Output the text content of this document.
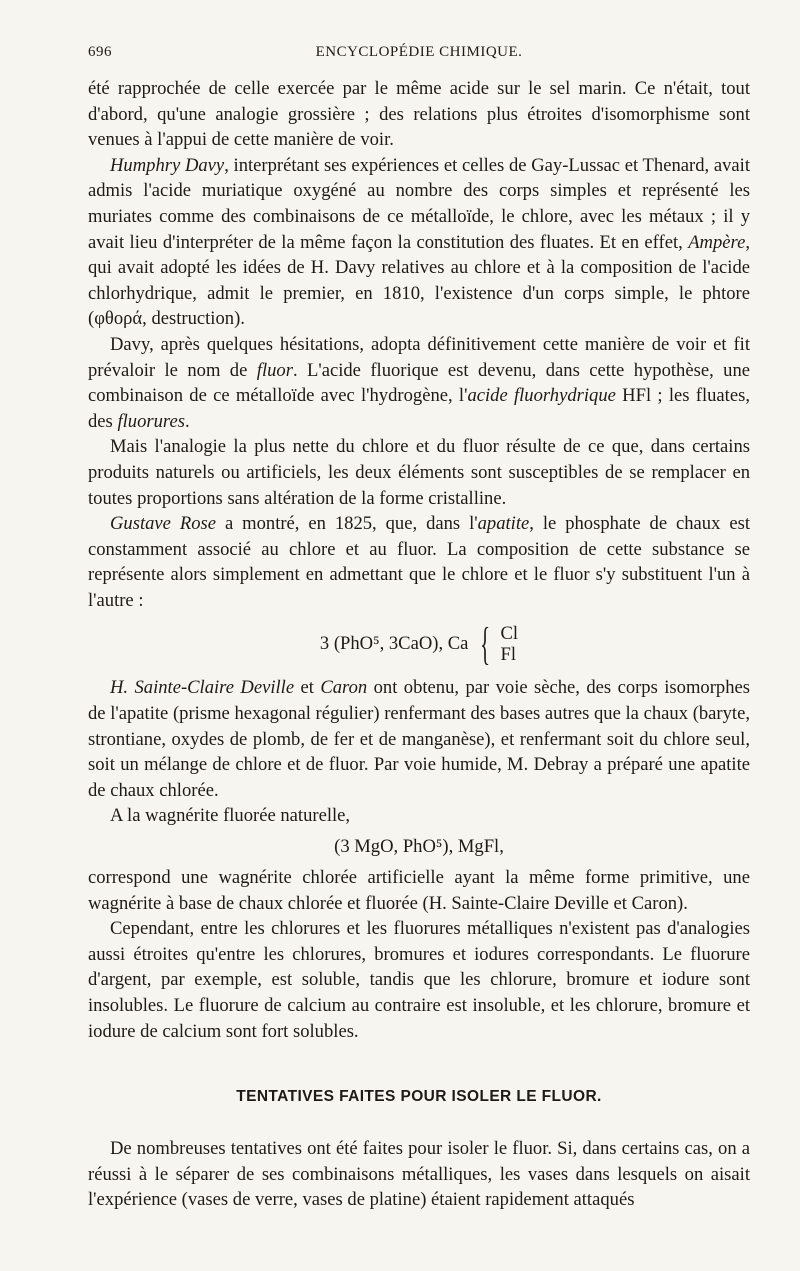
696	ENCYCLOPÉDIE CHIMIQUE.

été rapprochée de celle exercée par le même acide sur le sel marin. Ce n'était, tout d'abord, qu'une analogie grossière ; des relations plus étroites d'isomorphisme sont venues à l'appui de cette manière de voir.

Humphry Davy, interprétant ses expériences et celles de Gay-Lussac et Thenard, avait admis l'acide muriatique oxygéné au nombre des corps simples et représenté les muriates comme des combinaisons de ce métalloïde, le chlore, avec les métaux ; il y avait lieu d'interpréter de la même façon la constitution des fluates. Et en effet, Ampère, qui avait adopté les idées de H. Davy relatives au chlore et à la composition de l'acide chlorhydrique, admit le premier, en 1810, l'existence d'un corps simple, le phtore (φθορά, destruction).

Davy, après quelques hésitations, adopta définitivement cette manière de voir et fit prévaloir le nom de fluor. L'acide fluorique est devenu, dans cette hypothèse, une combinaison de ce métalloïde avec l'hydrogène, l'acide fluorhydrique HFl ; les fluates, des fluorures.

Mais l'analogie la plus nette du chlore et du fluor résulte de ce que, dans certains produits naturels ou artificiels, les deux éléments sont susceptibles de se remplacer en toutes proportions sans altération de la forme cristalline.

Gustave Rose a montré, en 1825, que, dans l'apatite, le phosphate de chaux est constamment associé au chlore et au fluor. La composition de cette substance se représente alors simplement en admettant que le chlore et le fluor s'y substituent l'un à l'autre :

3 (PhO⁵, 3CaO), Ca { Cl
Fl

H. Sainte-Claire Deville et Caron ont obtenu, par voie sèche, des corps isomorphes de l'apatite (prisme hexagonal régulier) renfermant des bases autres que la chaux (baryte, strontiane, oxydes de plomb, de fer et de manganèse), et renfermant soit du chlore seul, soit un mélange de chlore et de fluor. Par voie humide, M. Debray a préparé une apatite de chaux chlorée.

A la wagnérite fluorée naturelle,

(3 MgO, PhO⁵), MgFl,

correspond une wagnérite chlorée artificielle ayant la même forme primitive, une wagnérite à base de chaux chlorée et fluorée (H. Sainte-Claire Deville et Caron).

Cependant, entre les chlorures et les fluorures métalliques n'existent pas d'analogies aussi étroites qu'entre les chlorures, bromures et iodures correspondants. Le fluorure d'argent, par exemple, est soluble, tandis que les chlorure, bromure et iodure sont insolubles. Le fluorure de calcium au contraire est insoluble, et les chlorure, bromure et iodure de calcium sont fort solubles.

TENTATIVES FAITES POUR ISOLER LE FLUOR.

De nombreuses tentatives ont été faites pour isoler le fluor. Si, dans certains cas, on a réussi à le séparer de ses combinaisons métalliques, les vases dans lesquels on aisait l'expérience (vases de verre, vases de platine) étaient rapidement attaqués
